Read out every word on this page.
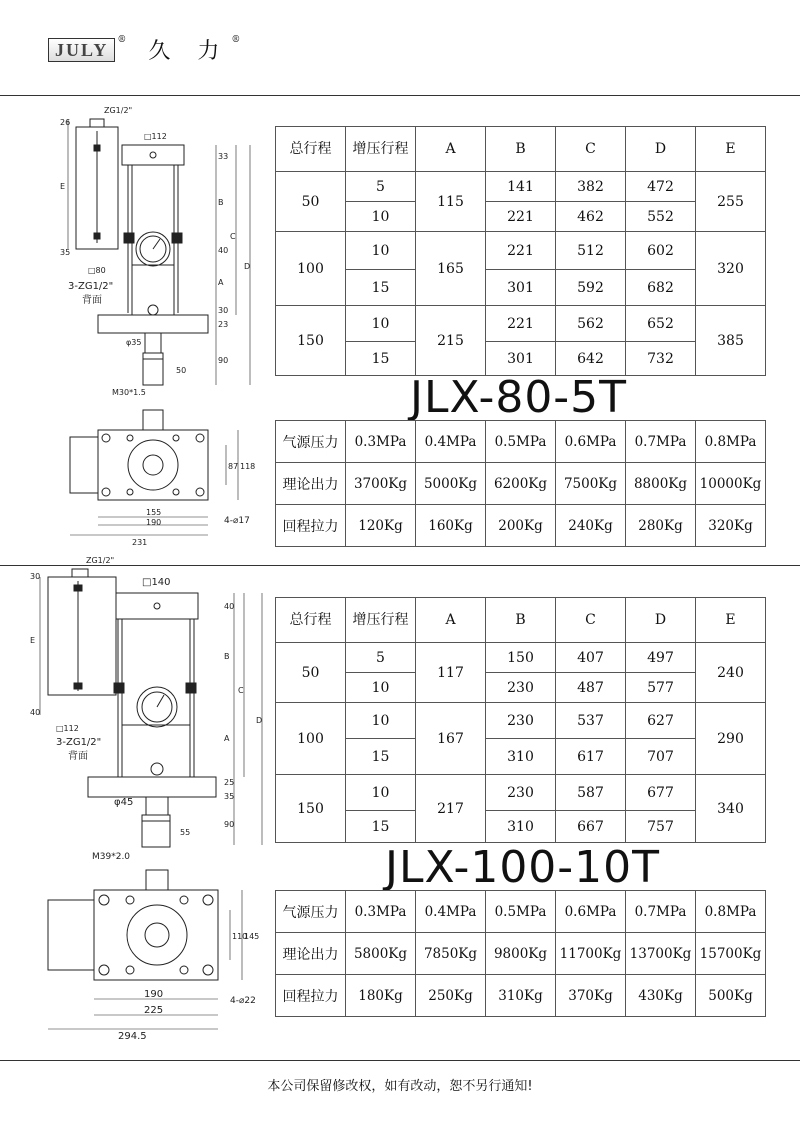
JULY	® 久 力 ®
ZG1/2"
26
□112
35
33
B
C
D
E
40
□80
3-ZG1/2"
背面
A
30
23
φ35
50
90
M30*1.5
87 118
155
190
231
4-⌀17
总行程	增压行程	A	B	C	D	E
50	5	115	141	382	472	255
	10		221	462	552	
100	10	165	221	512	602	320
	15		301	592	682	
150	10	215	221	562	652	385
	15		301	642	732	
JLX-80-5T
气源压力	0.3MPa	0.4MPa	0.5MPa	0.6MPa	0.7MPa	0.8MPa
理论出力	3700Kg	5000Kg	6200Kg	7500Kg	8800Kg	10000Kg
回程拉力	120Kg	160Kg	200Kg	240Kg	280Kg	320Kg
ZG1/2"
30
□140
E
40
40
B
C
D
□112
3-ZG1/2"
背面
A
25
35
φ45
55
90
M39*2.0
110
145
190
225
294.5
4-⌀22
总行程	增压行程	A	B	C	D	E
50	5	117	150	407	497	240
	10		230	487	577	
100	10	167	230	537	627	290
	15		310	617	707	
150	10	217	230	587	677	340
	15		310	667	757	
JLX-100-10T
气源压力	0.3MPa	0.4MPa	0.5MPa	0.6MPa	0.7MPa	0.8MPa
理论出力	5800Kg	7850Kg	9800Kg	11700Kg	13700Kg	15700Kg
回程拉力	180Kg	250Kg	310Kg	370Kg	430Kg	500Kg
本公司保留修改权，如有改动，恕不另行通知!
